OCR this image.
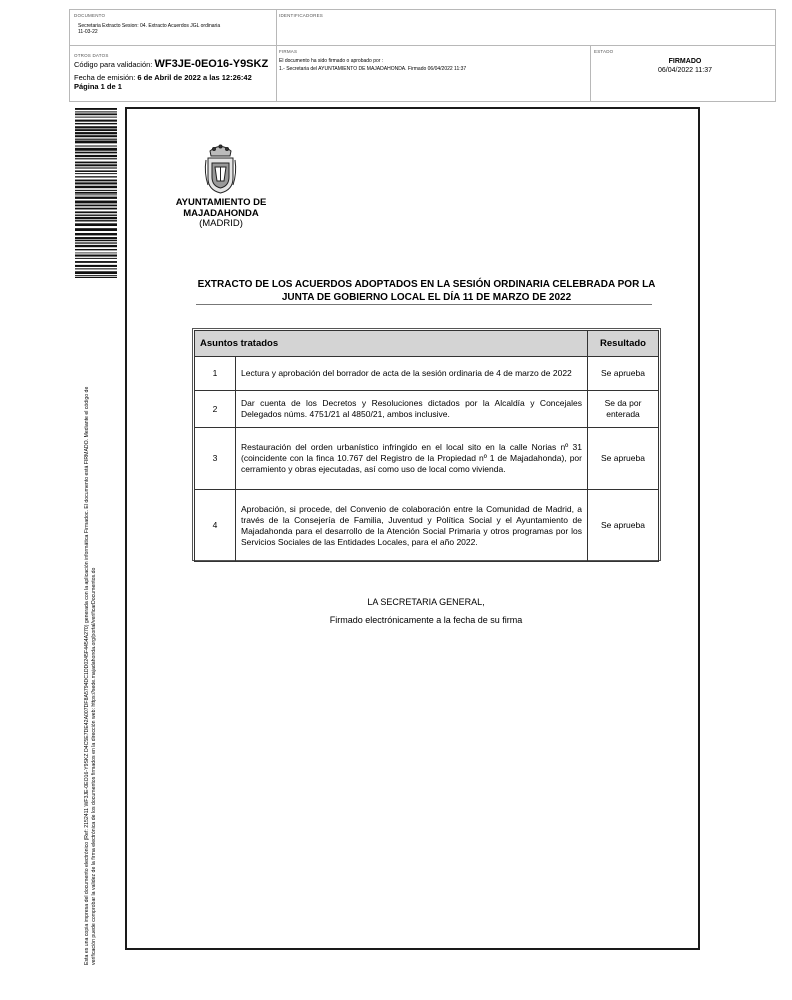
DOCUMENTO
Secretaria Extracto Sesion: 04. Extracto Acuerdos JGL ordinaria
11-03-22
IDENTIFICADORES
OTROS DATOS
Código para validación: WF3JE-0EO16-Y9SKZ
Fecha de emisión: 6 de Abril de 2022 a las 12:26:42
Página 1 de 1
FIRMAS
El documento ha sido firmado o aprobado por :
1.- Secretaria del AYUNTAMIENTO DE MAJADAHONDA. Firmado 06/04/2022 11:37
ESTADO
FIRMADO
06/04/2022 11:37
Esta es una copia impresa del documento electrónico (Ref: 2152411 WF3JE-0EO16-Y9SKZ D4C5E7DE42A007DF8A5794DC1DD0245F4454A270) generada con la aplicación informática Firmadoc. El documento está FIRMADO. Mediante el código de verificación puede comprobar la validez de la firma electrónica de los documentos firmados en la dirección web: https://sede.majadahonda.org/portal/verificarDocumentos.do
AYUNTAMIENTO DE
MAJADAHONDA
(MADRID)
EXTRACTO DE LOS ACUERDOS ADOPTADOS EN LA SESIÓN ORDINARIA CELEBRADA POR LA
JUNTA DE GOBIERNO LOCAL EL DÍA 11 DE MARZO DE 2022
Asuntos tratados		Resultado
1	Lectura y aprobación del borrador de acta de la sesión ordinaria de 4 de marzo de 2022	Se aprueba
2	Dar cuenta de los Decretos y Resoluciones dictados por la Alcaldía y Concejales Delegados núms. 4751/21 al 4850/21, ambos inclusive.	Se da por enterada
3	Restauración del orden urbanístico infringido en el local sito en la calle Norias nº 31 (coincidente con la finca 10.767 del Registro de la Propiedad nº 1 de Majadahonda), por cerramiento y obras ejecutadas, así como uso de local como vivienda.	Se aprueba
4	Aprobación, si procede, del Convenio de colaboración entre la Comunidad de Madrid, a través de la Consejería de Familia, Juventud y Política Social y el Ayuntamiento de Majadahonda para el desarrollo de la Atención Social Primaria y otros programas por los Servicios Sociales de las Entidades Locales, para el año 2022.	Se aprueba
LA SECRETARIA GENERAL,
Firmado electrónicamente a la fecha de su firma
